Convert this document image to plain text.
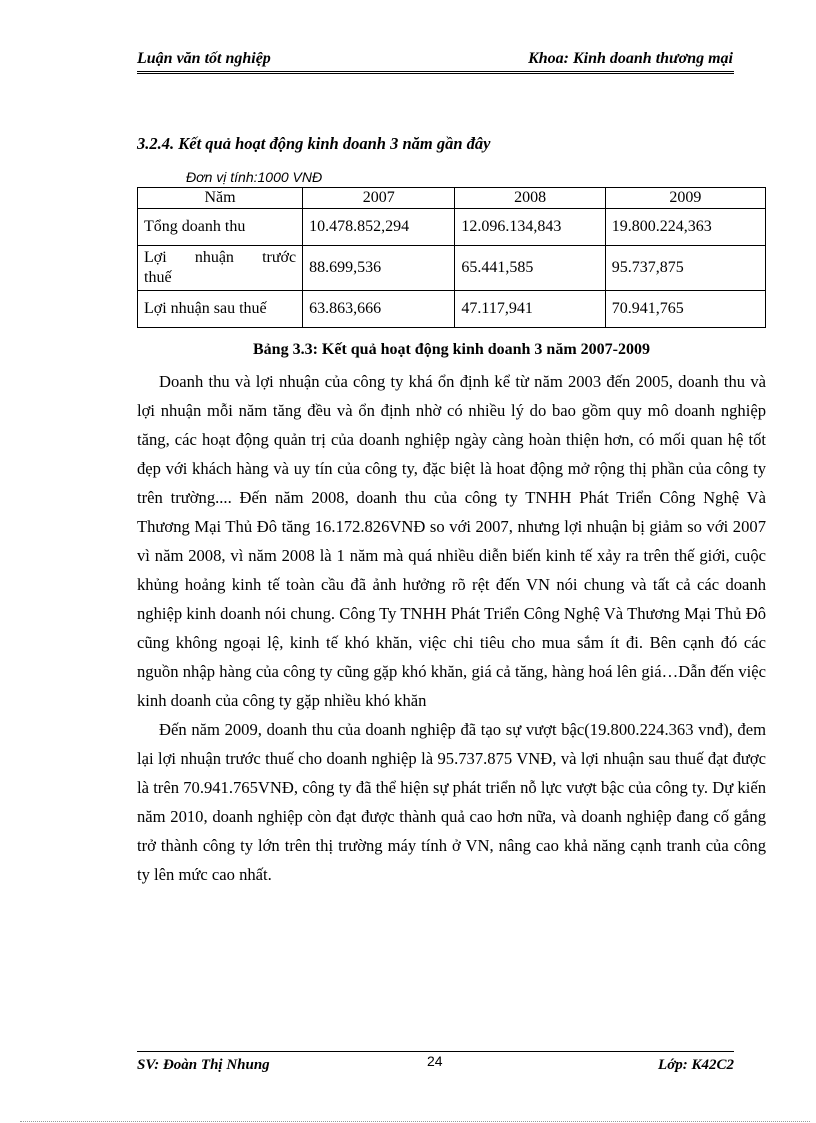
Luận văn tốt nghiệp	Khoa: Kinh doanh thương mại
3.2.4. Kết quả hoạt động kinh doanh 3 năm gần đây
Đơn vị tính:1000 VNĐ
Năm	2007	2008	2009
Tổng doanh thu	10.478.852,294	12.096.134,843	19.800.224,363

Lợi nhuận trước
thuế	88.699,536	65.441,585	95.737,875
Lợi nhuận sau thuế	63.863,666	47.117,941	70.941,765
Bảng 3.3: Kết quả hoạt động kinh doanh 3 năm 2007-2009

Doanh thu và lợi nhuận của công ty khá ổn định kể từ năm 2003 đến 2005, doanh thu và lợi nhuận mỗi năm tăng đều và ổn định nhờ có nhiều lý do bao gồm quy mô doanh nghiệp tăng, các hoạt động quản trị của doanh nghiệp ngày càng hoàn thiện hơn, có mối quan hệ tốt đẹp với khách hàng và uy tín của công ty, đặc biệt là hoat động mở rộng thị phần của công ty trên trường.... Đến năm 2008, doanh thu của công ty TNHH Phát Triển Công Nghệ Và Thương Mại Thủ Đô tăng 16.172.826VNĐ so với 2007, nhưng lợi nhuận bị giảm so với 2007 vì năm 2008, vì năm 2008 là 1 năm mà quá nhiều diễn biến kinh tế xảy ra trên thế giới, cuộc khủng hoảng kinh tế toàn cầu đã ảnh hưởng rõ rệt đến VN nói chung và tất cả các doanh nghiệp kinh doanh nói chung. Công Ty TNHH Phát Triển Công Nghệ Và Thương Mại Thủ Đô cũng không ngoại lệ, kinh tế khó khăn, việc chi tiêu cho mua sắm ít đi. Bên cạnh đó các nguồn nhập hàng của công ty cũng gặp khó khăn, giá cả tăng, hàng hoá lên giá…Dẫn đến việc kinh doanh của công ty gặp nhiều khó khăn

Đến năm 2009, doanh thu của doanh nghiệp đã tạo sự vượt bậc(19.800.224.363 vnđ), đem lại lợi nhuận trước thuế cho doanh nghiệp là 95.737.875 VNĐ, và lợi nhuận sau thuế đạt được là trên 70.941.765VNĐ, công ty đã thể hiện sự phát triển nỗ lực vượt bậc của công ty. Dự kiến năm 2010, doanh nghiệp còn đạt được thành quả cao hơn nữa, và doanh nghiệp đang cố gắng trở thành công ty lớn trên thị trường máy tính ở VN, nâng cao khả năng cạnh tranh của công ty lên mức cao nhất.

SV: Đoàn Thị Nhung	24	Lớp: K42C2
